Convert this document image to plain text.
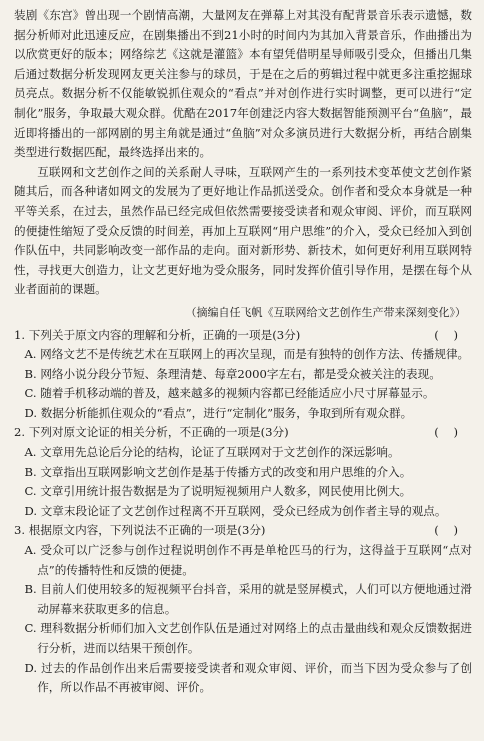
装剧《东宫》曾出现一个剧情高潮，大量网友在弹幕上对其没有配背景音乐表示遗憾，数据分析师对此迅速反应，在剧集播出不到21小时的时间内为其加入背景音乐，作曲播出为以欣赏更好的版本；网络综艺《这就是灌篮》本有望凭借明星导师吸引受众，但播出几集后通过数据分析发现网友更关注参与的球员，于是在之后的剪辑过程中就更多注重挖掘球员亮点。数据分析不仅能敏锐抓住观众的“看点”并对创作进行实时调整，更可以进行“定制化”服务，争取最大观众群。优酷在2017年创建泛内容大数据智能预测平台“鱼脑”，最近即将播出的一部网剧的男主角就是通过“鱼脑”对众多演员进行大数据分析，再结合剧集类型进行数据匹配，最终选择出来的。

互联网和文艺创作之间的关系耐人寻味，互联网产生的一系列技术变革使文艺创作紧随其后，而各种诸如网文的发展为了更好地让作品抓送受众。创作者和受众本身就是一种平等关系，在过去，虽然作品已经完成但依然需要接受读者和观众审阅、评价，而互联网的便捷性缩短了受众反馈的时间差，再加上互联网“用户思维”的介入，受众已经加入到创作队伍中，共同影响改变一部作品的走向。面对新形势、新技术，如何更好利用互联网特性，寻找更大创造力，让文艺更好地为受众服务，同时发挥价值引导作用，是摆在每个从业者面前的课题。

（摘编自任飞帆《互联网给文艺创作生产带来深刻变化》）
1. 下列关于原文内容的理解和分析，正确的一项是(3分)	(    )
A. 网络文艺不是传统艺术在互联网上的再次呈现，而是有独特的创作方法、传播规律。
B. 网络小说分段分节短、条理清楚、每章2000字左右，都是受众被关注的表现。
C. 随着手机移动端的普及，越来越多的视频内容都已经能适应小尺寸屏幕显示。
D. 数据分析能抓住观众的“看点”，进行“定制化”服务，争取到所有观众群。
2. 下列对原文论证的相关分析，不正确的一项是(3分)	(    )
A. 文章用先总论后分论的结构，论证了互联网对于文艺创作的深远影响。
B. 文章指出互联网影响文艺创作是基于传播方式的改变和用户思维的介入。
C. 文章引用统计报告数据是为了说明短视频用户人数多，网民使用比例大。
D. 文章末段论证了文艺创作过程离不开互联网，受众已经成为创作者主导的观点。
3. 根据原文内容，下列说法不正确的一项是(3分)	(    )
A. 受众可以广泛参与创作过程说明创作不再是单枪匹马的行为，这得益于互联网“点对点”的传播特性和反馈的便捷。
B. 目前人们使用较多的短视频平台抖音，采用的就是竖屏模式，人们可以方便地通过滑动屏幕来获取更多的信息。
C. 理科数据分析师们加入文艺创作队伍是通过对网络上的点击量曲线和观众反馈数据进行分析，进而以结果干预创作。
D. 过去的作品创作出来后需要接受读者和观众审阅、评价，而当下因为受众参与了创作，所以作品不再被审阅、评价。
